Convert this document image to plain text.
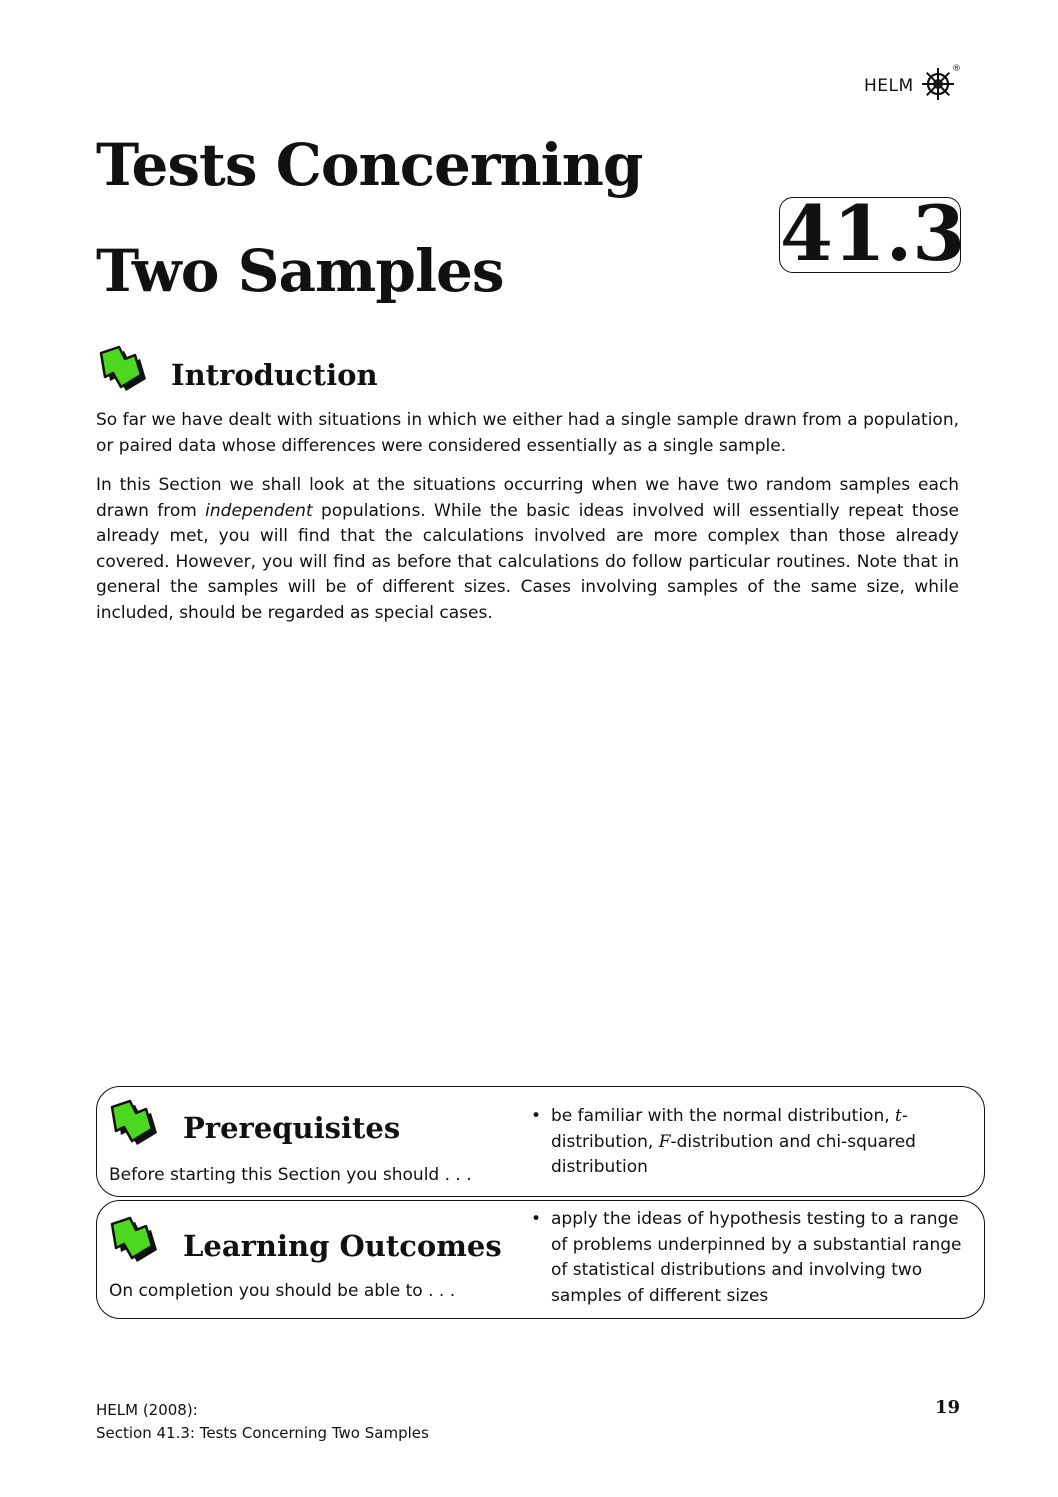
HELM
®
Tests Concerning
Two Samples	41.3
Introduction

So far we have dealt with situations in which we either had a single sample drawn from a population, or paired data whose differences were considered essentially as a single sample.

In this Section we shall look at the situations occurring when we have two random samples each drawn from independent populations. While the basic ideas involved will essentially repeat those already met, you will find that the calculations involved are more complex than those already covered. However, you will find as before that calculations do follow particular routines. Note that in general the samples will be of different sizes. Cases involving samples of the same size, while included, should be regarded as special cases.

Prerequisites

Before starting this Section you should . . .

• be familiar with the normal distribution, t-distribution, F-distribution and chi-squared distribution
Learning Outcomes

On completion you should be able to . . .

• apply the ideas of hypothesis testing to a range of problems underpinned by a substantial range of statistical distributions and involving two samples of different sizes
HELM (2008):
Section 41.3: Tests Concerning Two Samples
19
